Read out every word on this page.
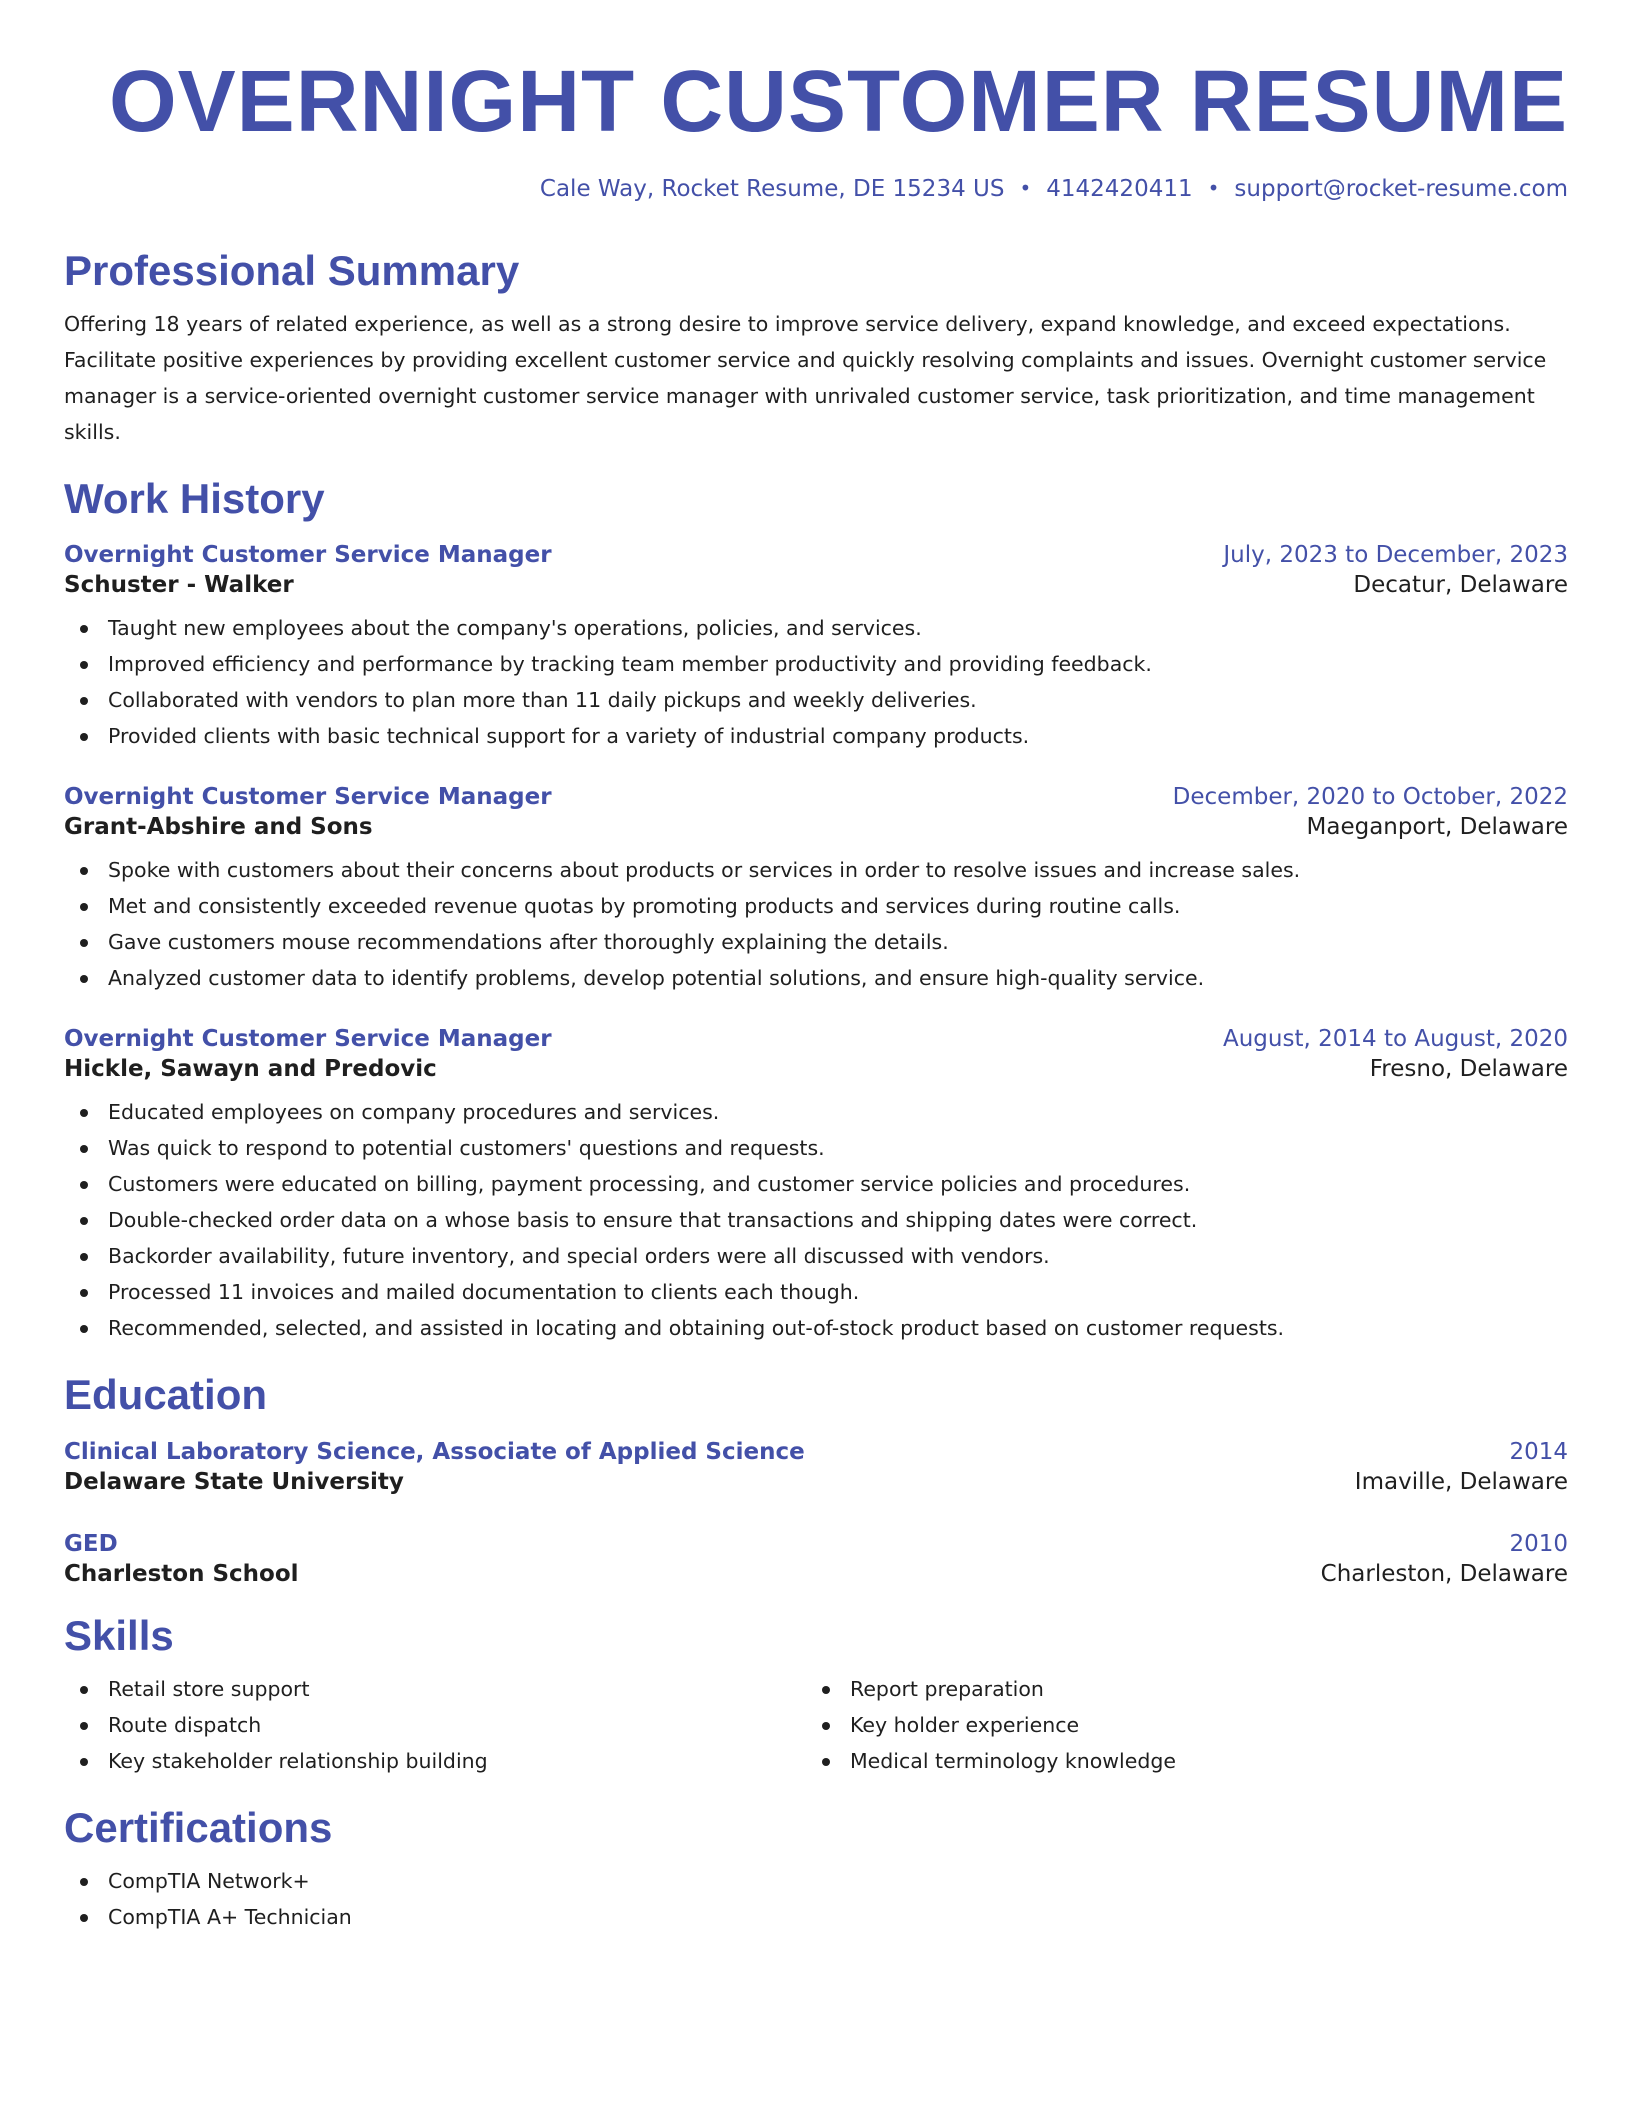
OVERNIGHT CUSTOMER RESUME
Cale Way, Rocket Resume, DE 15234 US • 4142420411 • support@rocket-resume.com
Professional Summary

Offering 18 years of related experience, as well as a strong desire to improve service delivery, expand knowledge, and exceed expectations. Facilitate positive experiences by providing excellent customer service and quickly resolving complaints and issues. Overnight customer service manager is a service-oriented overnight customer service manager with unrivaled customer service, task prioritization, and time management skills.

Work History
Overnight Customer Service Manager	July, 2023 to December, 2023
Schuster - Walker	Decatur, Delaware
Taught new employees about the company's operations, policies, and services.
Improved efficiency and performance by tracking team member productivity and providing feedback.
Collaborated with vendors to plan more than 11 daily pickups and weekly deliveries.
Provided clients with basic technical support for a variety of industrial company products.
Overnight Customer Service Manager	December, 2020 to October, 2022
Grant-Abshire and Sons	Maeganport, Delaware
Spoke with customers about their concerns about products or services in order to resolve issues and increase sales.
Met and consistently exceeded revenue quotas by promoting products and services during routine calls.
Gave customers mouse recommendations after thoroughly explaining the details.
Analyzed customer data to identify problems, develop potential solutions, and ensure high-quality service.
Overnight Customer Service Manager	August, 2014 to August, 2020
Hickle, Sawayn and Predovic	Fresno, Delaware
Educated employees on company procedures and services.
Was quick to respond to potential customers' questions and requests.
Customers were educated on billing, payment processing, and customer service policies and procedures.
Double-checked order data on a whose basis to ensure that transactions and shipping dates were correct.
Backorder availability, future inventory, and special orders were all discussed with vendors.
Processed 11 invoices and mailed documentation to clients each though.
Recommended, selected, and assisted in locating and obtaining out-of-stock product based on customer requests.
Education
Clinical Laboratory Science, Associate of Applied Science	2014
Delaware State University	Imaville, Delaware
GED	2010
Charleston School	Charleston, Delaware
Skills
Retail store support
Route dispatch
Key stakeholder relationship building
Report preparation
Key holder experience
Medical terminology knowledge
Certifications
CompTIA Network+
CompTIA A+ Technician
